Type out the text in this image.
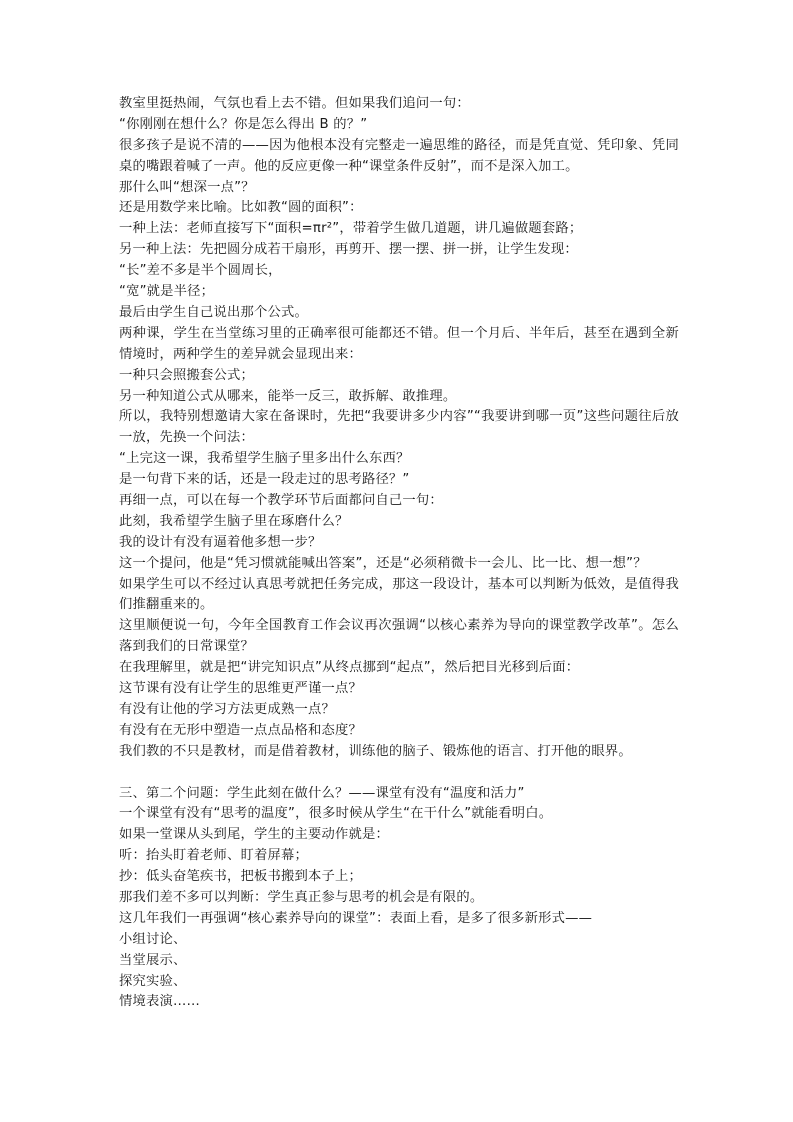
教室里挺热闹，气氛也看上去不错。但如果我们追问一句：
“你刚刚在想什么？你是怎么得出 B 的？”
很多孩子是说不清的——因为他根本没有完整走一遍思维的路径，而是凭直觉、凭印象、凭同桌的嘴跟着喊了一声。他的反应更像一种“课堂条件反射”，而不是深入加工。
那什么叫“想深一点”？
还是用数学来比喻。比如教“圆的面积”：
一种上法：老师直接写下“面积=πr²”，带着学生做几道题，讲几遍做题套路；
另一种上法：先把圆分成若干扇形，再剪开、摆一摆、拼一拼，让学生发现：
“长”差不多是半个圆周长，
“宽”就是半径；
最后由学生自己说出那个公式。
两种课，学生在当堂练习里的正确率很可能都还不错。但一个月后、半年后，甚至在遇到全新情境时，两种学生的差异就会显现出来：
一种只会照搬套公式；
另一种知道公式从哪来，能举一反三，敢拆解、敢推理。
所以，我特别想邀请大家在备课时，先把“我要讲多少内容”“我要讲到哪一页”这些问题往后放一放，先换一个问法：
“上完这一课，我希望学生脑子里多出什么东西？
是一句背下来的话，还是一段走过的思考路径？”
再细一点，可以在每一个教学环节后面都问自己一句：
此刻，我希望学生脑子里在琢磨什么？
我的设计有没有逼着他多想一步？
这一个提问，他是“凭习惯就能喊出答案”，还是“必须稍微卡一会儿、比一比、想一想”？
如果学生可以不经过认真思考就把任务完成，那这一段设计，基本可以判断为低效，是值得我们推翻重来的。
这里顺便说一句，今年全国教育工作会议再次强调“以核心素养为导向的课堂教学改革”。怎么落到我们的日常课堂？
在我理解里，就是把“讲完知识点”从终点挪到“起点”，然后把目光移到后面：
这节课有没有让学生的思维更严谨一点？
有没有让他的学习方法更成熟一点？
有没有在无形中塑造一点点品格和态度？
我们教的不只是教材，而是借着教材，训练他的脑子、锻炼他的语言、打开他的眼界。
三、第二个问题：学生此刻在做什么？——课堂有没有“温度和活力”
一个课堂有没有“思考的温度”，很多时候从学生“在干什么”就能看明白。
如果一堂课从头到尾，学生的主要动作就是：
听：抬头盯着老师、盯着屏幕；
抄：低头奋笔疾书，把板书搬到本子上；
那我们差不多可以判断：学生真正参与思考的机会是有限的。
这几年我们一再强调“核心素养导向的课堂”：表面上看，是多了很多新形式——
小组讨论、
当堂展示、
探究实验、
情境表演……
